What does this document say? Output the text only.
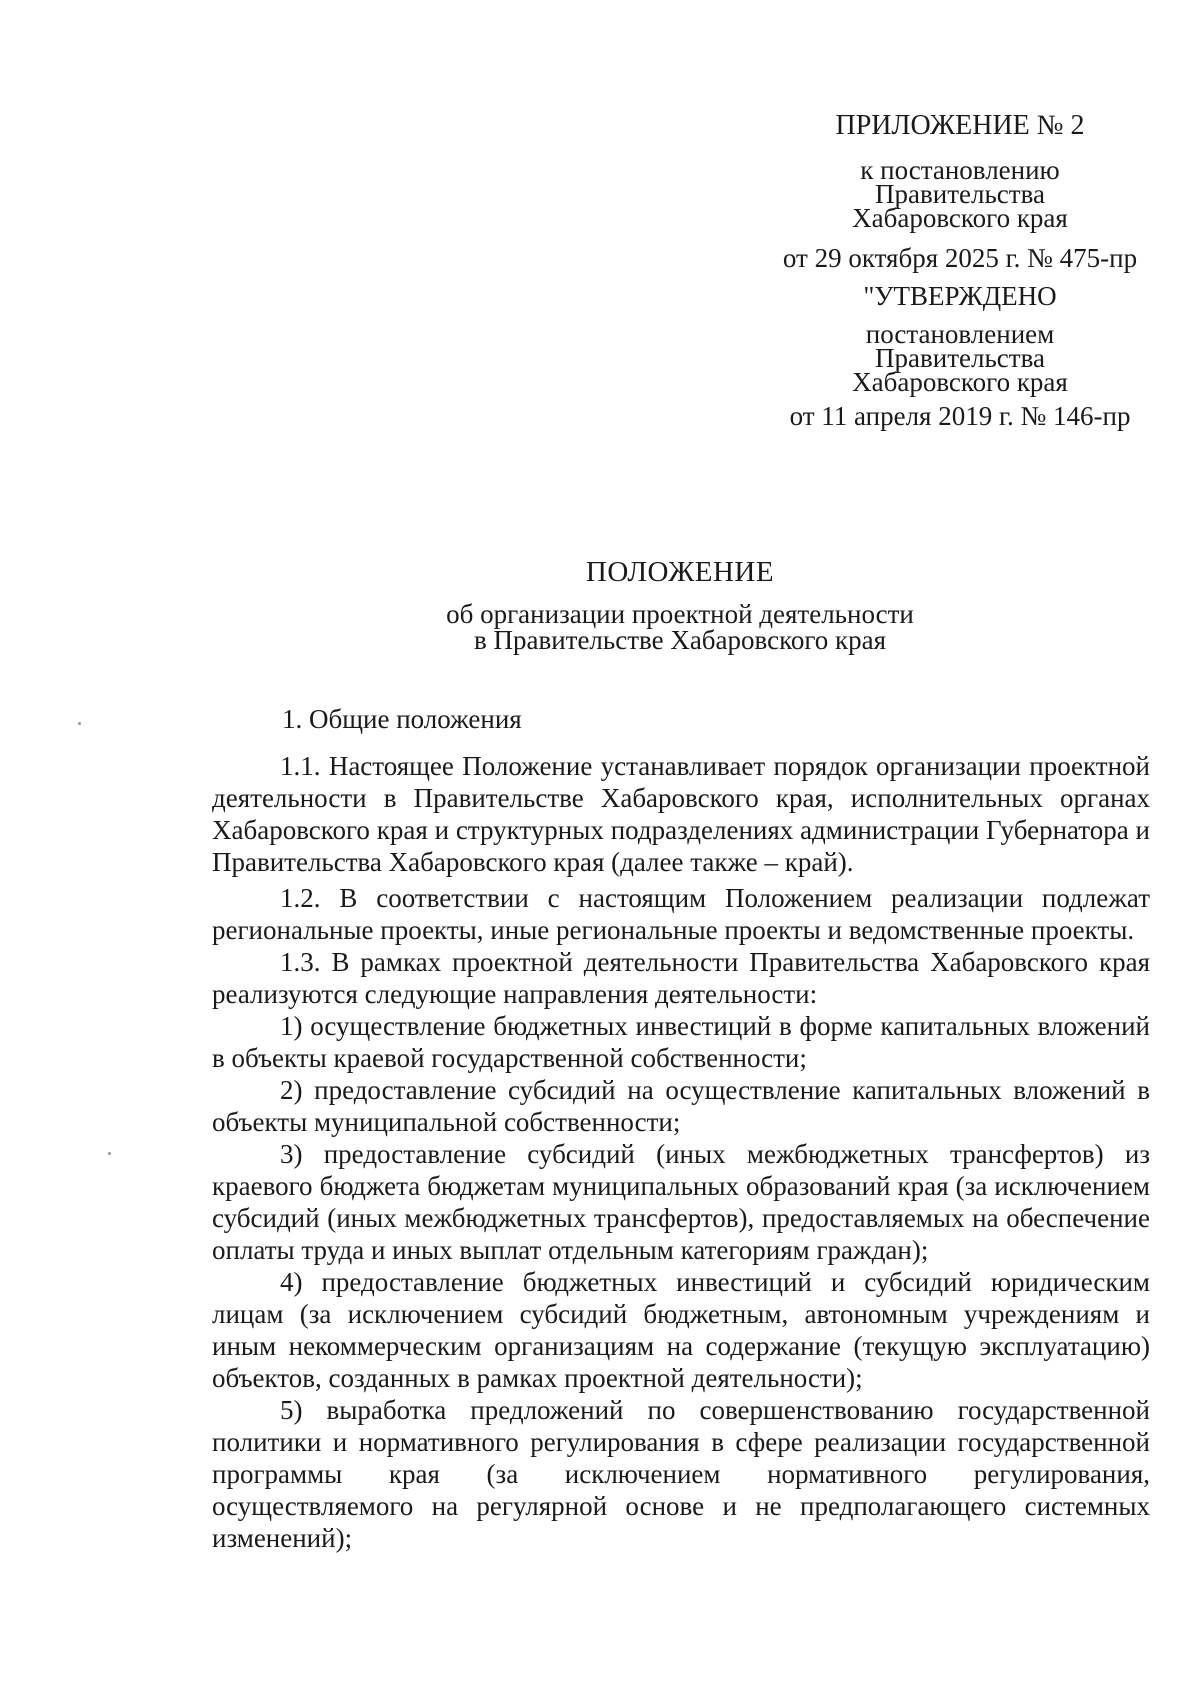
ПРИЛОЖЕНИЕ № 2
к постановлению
Правительства
Хабаровского края
от 29 октября 2025 г. № 475-пр
"УТВЕРЖДЕНО
постановлением
Правительства
Хабаровского края
от 11 апреля 2019 г. № 146-пр
ПОЛОЖЕНИЕ
об организации проектной деятельности
в Правительстве Хабаровского края
1. Общие положения

1.1. Настоящее Положение устанавливает порядок организации проектной деятельности в Правительстве Хабаровского края, исполнительных органах Хабаровского края и структурных подразделениях администрации Губернатора и Правительства Хабаровского края (далее также – край).

1.2. В соответствии с настоящим Положением реализации подлежат региональные проекты, иные региональные проекты и ведомственные проекты.

1.3. В рамках проектной деятельности Правительства Хабаровского края реализуются следующие направления деятельности:

1) осуществление бюджетных инвестиций в форме капитальных вложений в объекты краевой государственной собственности;

2) предоставление субсидий на осуществление капитальных вложений в объекты муниципальной собственности;

3) предоставление субсидий (иных межбюджетных трансфертов) из краевого бюджета бюджетам муниципальных образований края (за исключением субсидий (иных межбюджетных трансфертов), предоставляемых на обеспечение оплаты труда и иных выплат отдельным категориям граждан);

4) предоставление бюджетных инвестиций и субсидий юридическим лицам (за исключением субсидий бюджетным, автономным учреждениям и иным некоммерческим организациям на содержание (текущую эксплуатацию) объектов, созданных в рамках проектной деятельности);

5) выработка предложений по совершенствованию государственной политики и нормативного регулирования в сфере реализации государственной программы края (за исключением нормативного регулирования, осуществляемого на регулярной основе и не предполагающего системных изменений);
